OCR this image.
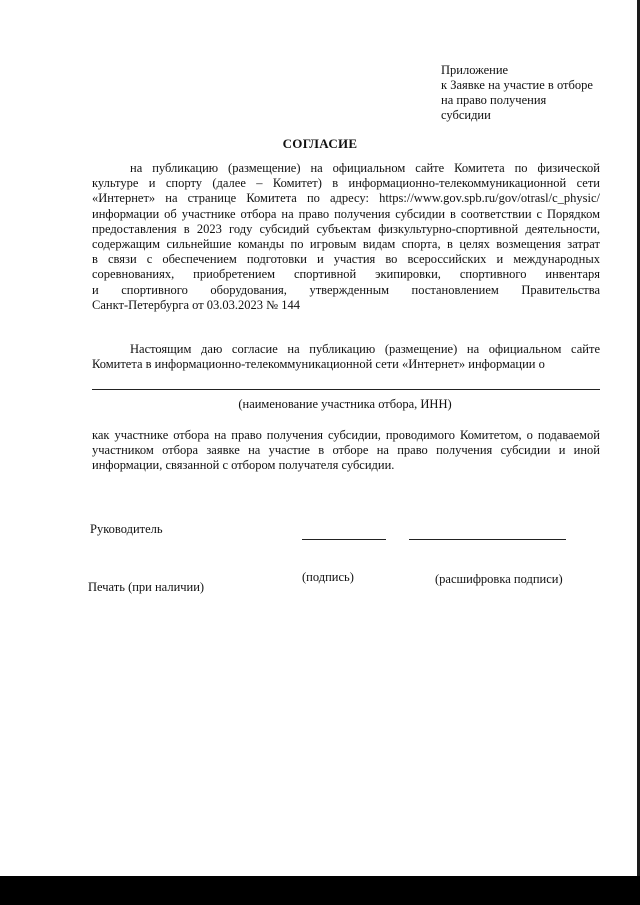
Приложение
к Заявке на участие в отборе
на право получения
субсидии
СОГЛАСИЕ
на публикацию (размещение) на официальном сайте Комитета по физической
культуре и спорту (далее – Комитет) в информационно-телекоммуникационной сети
«Интернет» на странице Комитета по адресу: https://www.gov.spb.ru/gov/otrasl/c_physic/
информации об участнике отбора на право получения субсидии в соответствии с Порядком
предоставления в 2023 году субсидий субъектам физкультурно-спортивной деятельности,
содержащим сильнейшие команды по игровым видам спорта, в целях возмещения затрат
в связи с обеспечением подготовки и участия во всероссийских и международных
соревнованиях, приобретением спортивной экипировки, спортивного инвентаря
и спортивного оборудования, утвержденным постановлением Правительства
Санкт-Петербурга от 03.03.2023 № 144
Настоящим даю согласие на публикацию (размещение) на официальном сайте
Комитета в информационно-телекоммуникационной сети «Интернет» информации о
(наименование участника отбора, ИНН)
как участнике отбора на право получения субсидии, проводимого Комитетом, о подаваемой
участником отбора заявке на участие в отборе на право получения субсидии и иной
информации, связанной с отбором получателя субсидии.
Руководитель
(подпись)	(расшифровка подписи)
Печать (при наличии)
